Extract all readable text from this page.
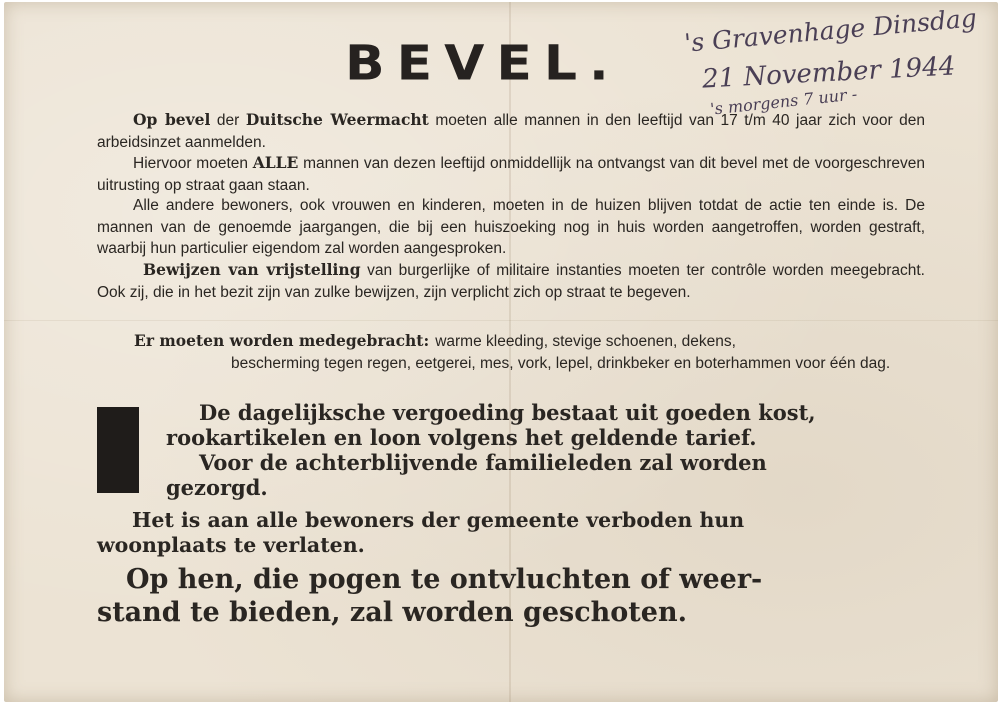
BEVEL.
's Gravenhage Dinsdag
21 November 1944
's morgens 7 uur -

Op bevel der Duitsche Weermacht moeten alle mannen in den leeftijd van 17 t/m 40 jaar zich voor den arbeidsinzet aanmelden.

Hiervoor moeten ALLE mannen van dezen leeftijd onmiddellijk na ontvangst van dit bevel met de voorgeschreven uitrusting op straat gaan staan.

Alle andere bewoners, ook vrouwen en kinderen, moeten in de huizen blijven totdat de actie ten einde is. De mannen van de genoemde jaargangen, die bij een huiszoeking nog in huis worden aangetroffen, worden gestraft, waarbij hun particulier eigendom zal worden aangesproken.

Bewijzen van vrijstelling van burgerlijke of militaire instanties moeten ter contrôle worden meegebracht. Ook zij, die in het bezit zijn van zulke bewijzen, zijn verplicht zich op straat te begeven.

Er moeten worden medegebracht: warme kleeding, stevige schoenen, dekens,
bescherming tegen regen, eetgerei, mes, vork, lepel, drinkbeker en boterhammen voor één dag.

De dagelijksche vergoeding bestaat uit goeden kost,
rookartikelen en loon volgens het geldende tarief.
Voor de achterblijvende familieleden zal worden
gezorgd.

Het is aan alle bewoners der gemeente verboden hun
woonplaats te verlaten.

Op hen, die pogen te ontvluchten of weer-
stand te bieden, zal worden geschoten.
